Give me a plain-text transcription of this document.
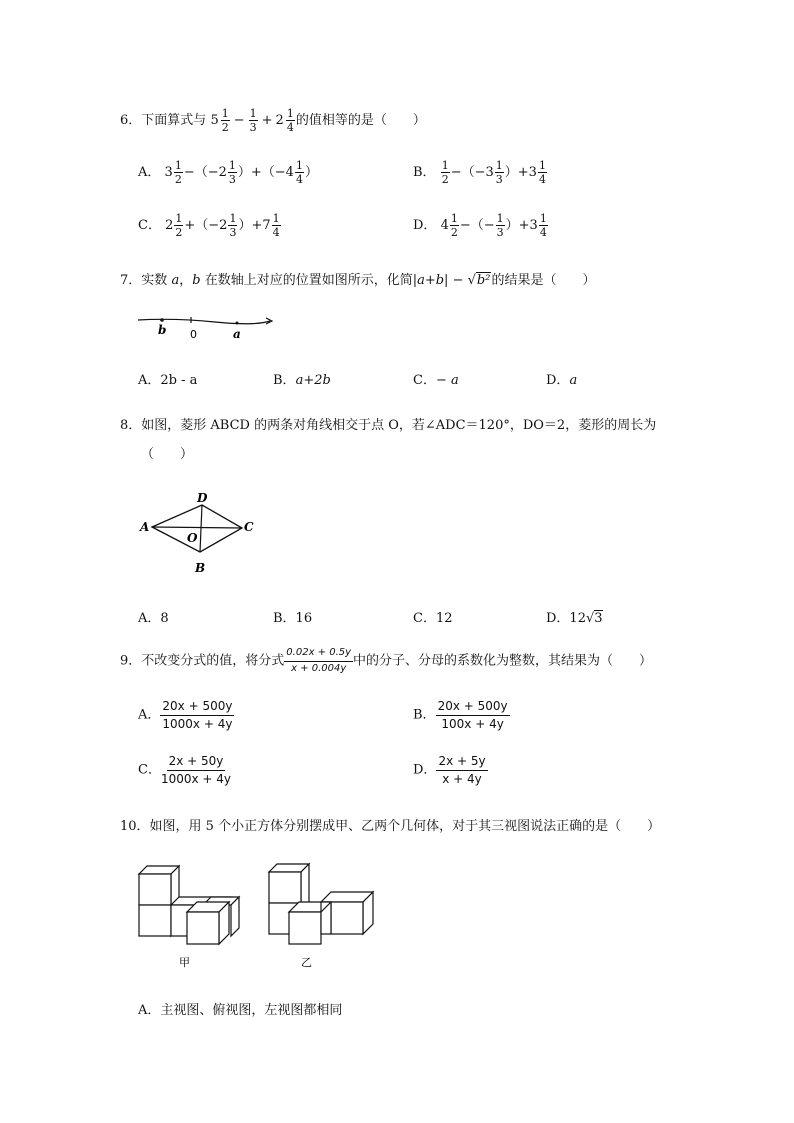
6．下面算式与 $5 \frac{1}{2} - \frac{1}{3} + 2 \frac{1}{4}$ 的值相等的是（　　）
A． $3 \frac{1}{2} -(-2 \frac{1}{3} )+(-4 \frac{1}{4}$ ）	B． $\frac{1}{2} -(-3 \frac{1}{3} )+3 \frac{1}{4}$
C． $2 \frac{1}{2} +(-2 \frac{1}{3} )+7 \frac{1}{4}$	D． $4 \frac{1}{2}$ −（− $\frac{1}{3} )+3 \frac{1}{4}$
7．实数 a，b 在数轴上对应的位置如图所示，化简|a+b| − √b²的结果是（　　）
b 0	a
A．2b - a	B．a+2b	C．− a	D．a
8．如图，菱形 ABCD 的两条对角线相交于点 O，若∠ADC＝120°，DO＝2，菱形的周长为
（　　）
A
D
C
O
B
A．8	B．16	C．12	D．12√3
9．不改变分式的值，将分式 $\frac{0.02x + 0.5y}{x + 0.004y}$ 中的分子、分母的系数化为整数，其结果为（　　）
A． $\frac{20x + 500y}{1000x + 4y}$	B． $\frac{20x + 500y}{100x + 4y}$
C． $\frac{2x + 50y}{1000x + 4y}$	D． $\frac{2x + 5y}{x + 4y}$
10．如图，用 5 个小正方体分别摆成甲、乙两个几何体，对于其三视图说法正确的是（　　）
甲	乙
A．主视图、俯视图，左视图都相同
